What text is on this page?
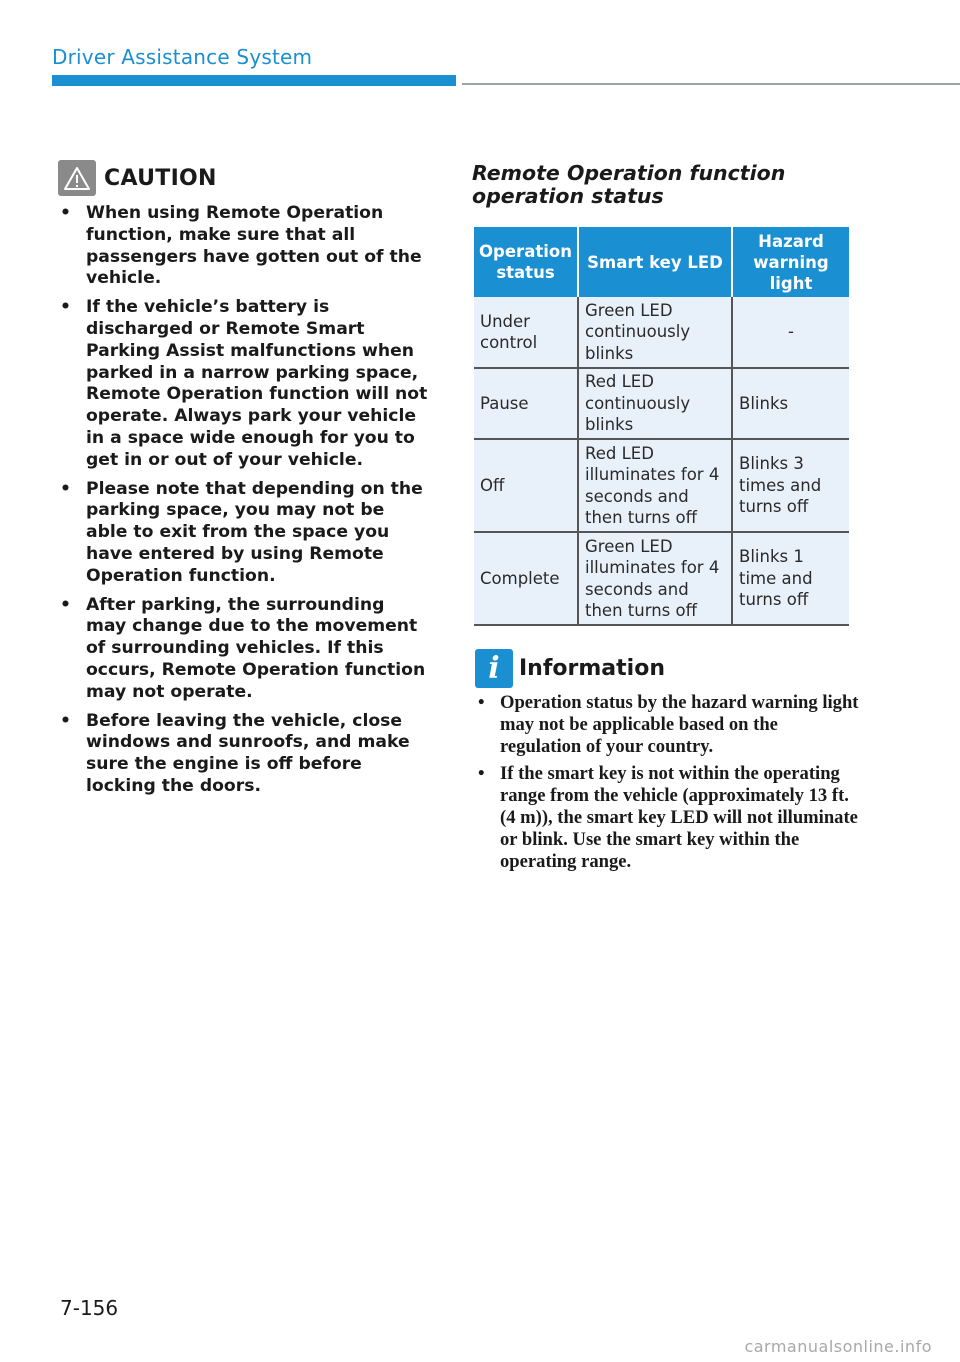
Driver Assistance System
CAUTION
• When using Remote Operation function, make sure that all passengers have gotten out of the vehicle.
• If the vehicle’s battery is discharged or Remote Smart Parking Assist malfunctions when parked in a narrow parking space, Remote Operation function will not operate. Always park your vehicle in a space wide enough for you to get in or out of your vehicle.
• Please note that depending on the parking space, you may not be able to exit from the space you have entered by using Remote Operation function.
• After parking, the surrounding may change due to the movement of surrounding vehicles. If this occurs, Remote Operation function may not operate.
• Before leaving the vehicle, close windows and sunroofs, and make sure the engine is off before locking the doors.
Remote Operation function operation status
Operation status	Smart key LED	Hazard warning light
Under control	Green LED continuously blinks	-
Pause	Red LED continuously blinks	Blinks
Off	Red LED illuminates for 4 seconds and then turns off	Blinks 3 times and turns off
Complete	Green LED illuminates for 4 seconds and then turns off	Blinks 1 time and turns off
i Information
• Operation status by the hazard warning light may not be applicable based on the regulation of your country.
• If the smart key is not within the operating range from the vehicle (approximately 13 ft. (4 m)), the smart key LED will not illuminate or blink. Use the smart key within the operating range.
7-156
carmanualsonline.info
